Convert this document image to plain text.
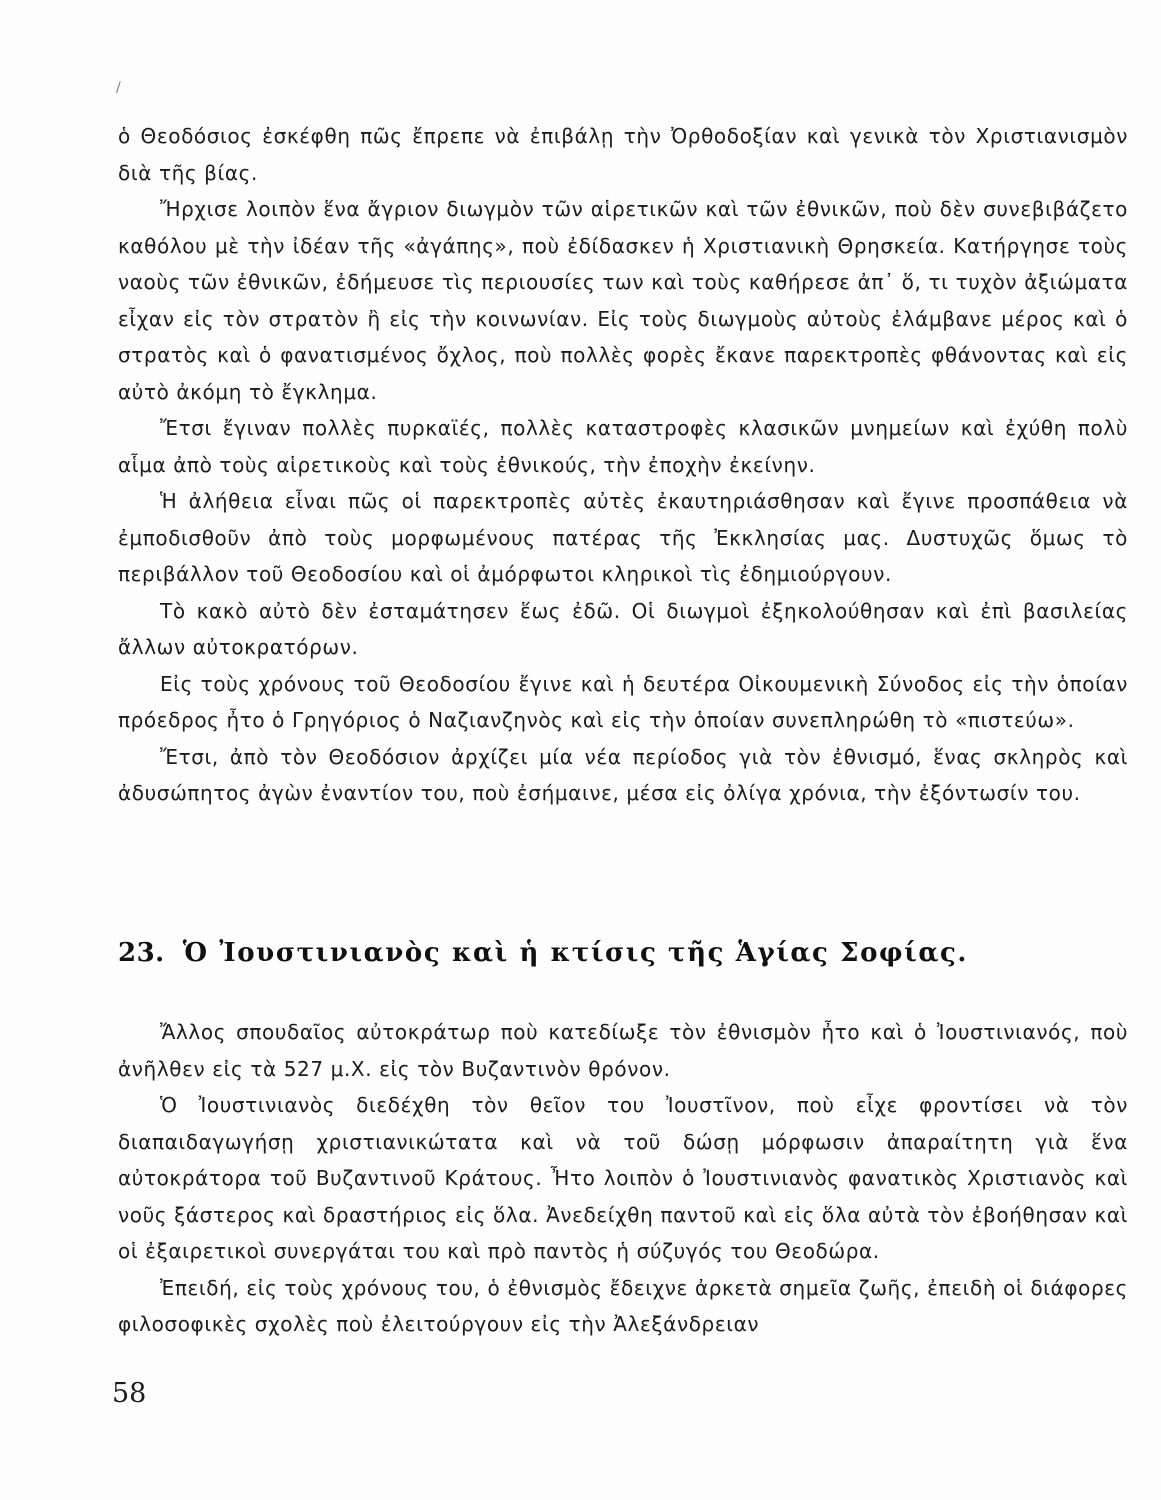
/

ὁ Θεοδόσιος ἐσκέφθη πῶς ἔπρεπε νὰ ἐπιβάλῃ τὴν Ὀρθοδοξίαν καὶ γενικὰ τὸν Χριστιανισμὸν διὰ τῆς βίας.

Ἤρχισε λοιπὸν ἕνα ἄγριον διωγμὸν τῶν αἱρετικῶν καὶ τῶν ἐθνικῶν, ποὺ δὲν συνεβιβάζετο καθόλου μὲ τὴν ἰδέαν τῆς «ἀγάπης», ποὺ ἐδίδασκεν ἡ Χριστιανικὴ Θρησκεία. Κατήργησε τοὺς ναοὺς τῶν ἐθνικῶν, ἐδήμευσε τὶς περιουσίες των καὶ τοὺς καθήρεσε ἀπ᾽ ὅ, τι τυχὸν ἀξιώματα εἶχαν εἰς τὸν στρατὸν ἢ εἰς τὴν κοινωνίαν. Εἰς τοὺς διωγμοὺς αὐτοὺς ἐλάμβανε μέρος καὶ ὁ στρατὸς καὶ ὁ φανατισμένος ὄχλος, ποὺ πολλὲς φορὲς ἔκανε παρεκτροπὲς φθάνοντας καὶ εἰς αὐτὸ ἀκόμη τὸ ἔγκλημα.

Ἔτσι ἔγιναν πολλὲς πυρκαϊές, πολλὲς καταστροφὲς κλασικῶν μνημείων καὶ ἐχύθη πολὺ αἷμα ἀπὸ τοὺς αἱρετικοὺς καὶ τοὺς ἐθνικούς, τὴν ἐποχὴν ἐκείνην.

Ἡ ἀλήθεια εἶναι πῶς οἱ παρεκτροπὲς αὐτὲς ἐκαυτηριάσθησαν καὶ ἔγινε προσπάθεια νὰ ἐμποδισθοῦν ἀπὸ τοὺς μορφωμένους πατέρας τῆς Ἐκκλησίας μας. Δυστυχῶς ὅμως τὸ περιβάλλον τοῦ Θεοδοσίου καὶ οἱ ἀμόρφωτοι κληρικοὶ τὶς ἐδημιούργουν.

Τὸ κακὸ αὐτὸ δὲν ἐσταμάτησεν ἕως ἐδῶ. Οἱ διωγμοὶ ἐξηκολούθησαν καὶ ἐπὶ βασιλείας ἄλλων αὐτοκρατόρων.

Εἰς τοὺς χρόνους τοῦ Θεοδοσίου ἔγινε καὶ ἡ δευτέρα Οἰκουμενικὴ Σύνοδος εἰς τὴν ὁποίαν πρόεδρος ἦτο ὁ Γρηγόριος ὁ Ναζιανζηνὸς καὶ εἰς τὴν ὁποίαν συνεπληρώθη τὸ «πιστεύω».

Ἔτσι, ἀπὸ τὸν Θεοδόσιον ἀρχίζει μία νέα περίοδος γιὰ τὸν ἐθνισμό, ἕνας σκληρὸς καὶ ἀδυσώπητος ἀγὼν ἐναντίον του, ποὺ ἐσήμαινε, μέσα εἰς ὀλίγα χρόνια, τὴν ἐξόντωσίν του.

23. Ὁ Ἰουστινιανὸς καὶ ἡ κτίσις τῆς Ἁγίας Σοφίας.

Ἄλλος σπουδαῖος αὐτοκράτωρ ποὺ κατεδίωξε τὸν ἐθνισμὸν ἦτο καὶ ὁ Ἰουστινιανός, ποὺ ἀνῆλθεν εἰς τὰ 527 μ.Χ. εἰς τὸν Βυζαντινὸν θρόνον.

Ὁ Ἰουστινιανὸς διεδέχθη τὸν θεῖον του Ἰουστῖνον, ποὺ εἶχε φροντίσει νὰ τὸν διαπαιδαγωγήσῃ χριστιανικώτατα καὶ νὰ τοῦ δώσῃ μόρφωσιν ἀπαραίτητη γιὰ ἕνα αὐτοκράτορα τοῦ Βυζαντινοῦ Κράτους. Ἦτο λοιπὸν ὁ Ἰουστινιανὸς φανατικὸς Χριστιανὸς καὶ νοῦς ξάστερος καὶ δραστήριος εἰς ὅλα. Ἀνεδείχθη παντοῦ καὶ εἰς ὅλα αὐτὰ τὸν ἐβοήθησαν καὶ οἱ ἐξαιρετικοὶ συνεργάται του καὶ πρὸ παντὸς ἡ σύζυγός του Θεοδώρα.

Ἐπειδή, εἰς τοὺς χρόνους του, ὁ ἐθνισμὸς ἔδειχνε ἀρκετὰ σημεῖα ζωῆς, ἐπειδὴ οἱ διάφορες φιλοσοφικὲς σχολὲς ποὺ ἐλειτούργουν εἰς τὴν Ἀλεξάνδρειαν

58
